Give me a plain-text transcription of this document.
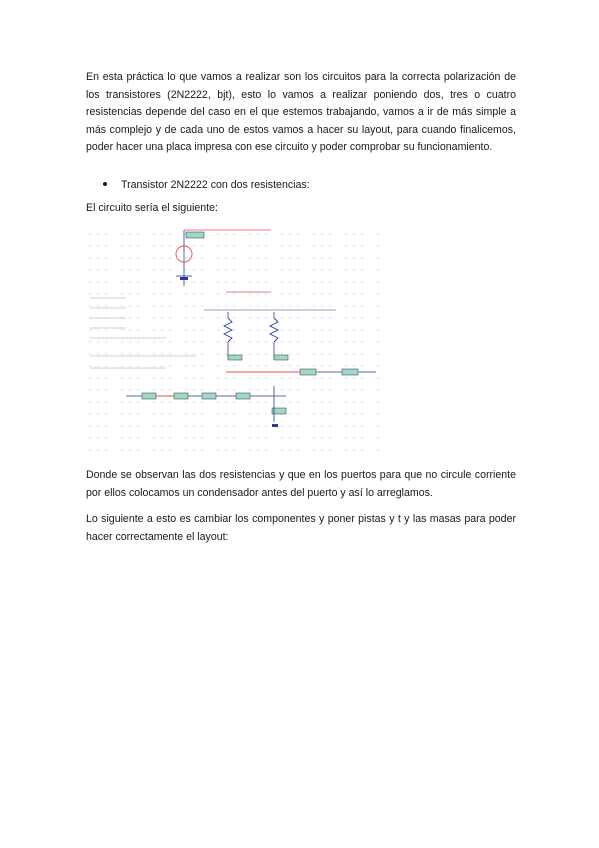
En esta práctica lo que vamos a realizar son los circuitos para la correcta polarización de los transistores (2N2222, bjt), esto lo vamos a realizar poniendo dos, tres o cuatro resistencias depende del caso en el que estemos trabajando, vamos a ir de más simple a más complejo y de cada uno de estos vamos a hacer su layout, para cuando finalicemos, poder hacer una placa impresa con ese circuito y poder comprobar su funcionamiento.

Transistor 2N2222 con dos resistencias:

El circuito sería el siguiente:

Donde se observan las dos resistencias y que en los puertos para que no circule corriente por ellos colocamos un condensador antes del puerto y así lo arreglamos.

Lo siguiente a esto es cambiar los componentes y poner pistas y t y las masas para poder hacer correctamente el layout:
